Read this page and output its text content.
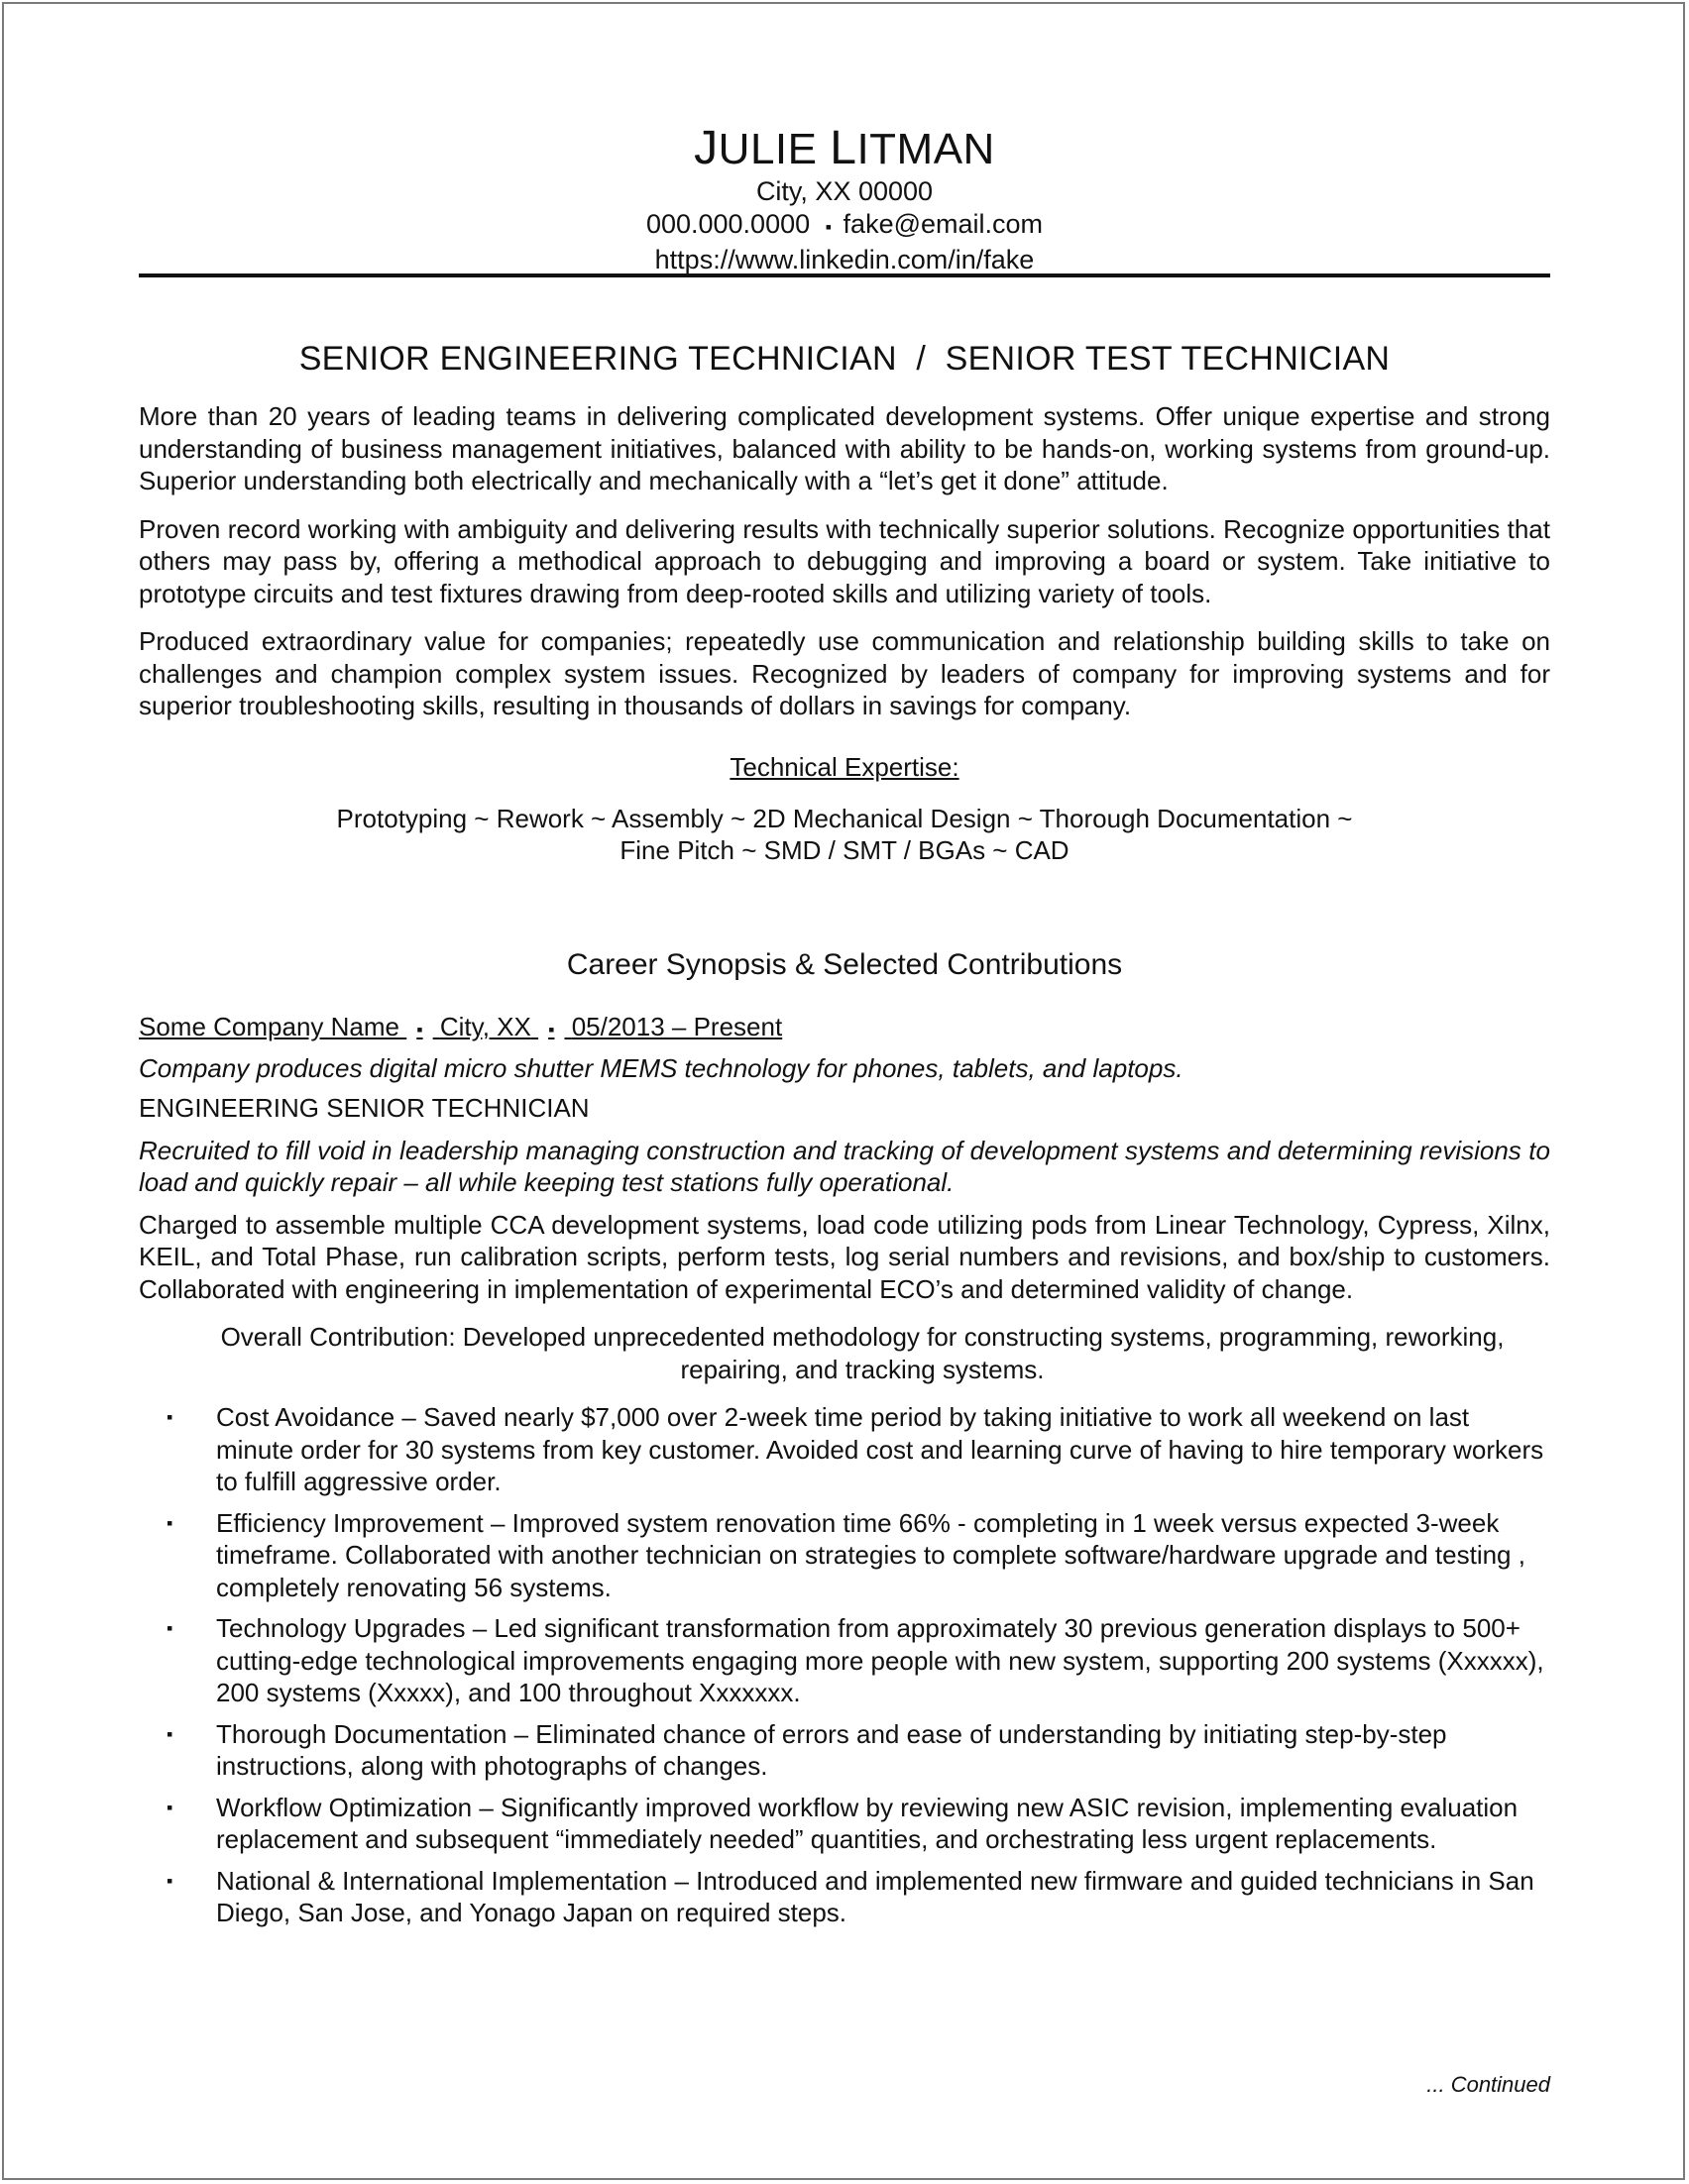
JULIE LITMAN
City, XX 00000
000.000.0000 ▪ fake@email.com
https://www.linkedin.com/in/fake
SENIOR ENGINEERING TECHNICIAN  /  SENIOR TEST TECHNICIAN

More than 20 years of leading teams in delivering complicated development systems. Offer unique expertise and strong understanding of business management initiatives, balanced with ability to be hands-on, working systems from ground-up. Superior understanding both electrically and mechanically with a “let’s get it done” attitude.

Proven record working with ambiguity and delivering results with technically superior solutions. Recognize opportunities that others may pass by, offering a methodical approach to debugging and improving a board or system. Take initiative to prototype circuits and test fixtures drawing from deep-rooted skills and utilizing variety of tools.

Produced extraordinary value for companies; repeatedly use communication and relationship building skills to take on challenges and champion complex system issues. Recognized by leaders of company for improving systems and for superior troubleshooting skills, resulting in thousands of dollars in savings for company.

Technical Expertise:
Prototyping ~ Rework ~ Assembly ~ 2D Mechanical Design ~ Thorough Documentation ~
Fine Pitch ~ SMD / SMT / BGAs ~ CAD
Career Synopsis & Selected Contributions
Some Company Name ▪ City, XX ▪ 05/2013 – Present
Company produces digital micro shutter MEMS technology for phones, tablets, and laptops.
ENGINEERING SENIOR TECHNICIAN
Recruited to fill void in leadership managing construction and tracking of development systems and determining revisions to load and quickly repair – all while keeping test stations fully operational.
Charged to assemble multiple CCA development systems, load code utilizing pods from Linear Technology, Cypress, Xilnx, KEIL, and Total Phase, run calibration scripts, perform tests, log serial numbers and revisions, and box/ship to customers. Collaborated with engineering in implementation of experimental ECO’s and determined validity of change.
Overall Contribution: Developed unprecedented methodology for constructing systems, programming, reworking, repairing, and tracking systems.
▪ Cost Avoidance – Saved nearly $7,000 over 2-week time period by taking initiative to work all weekend on last minute order for 30 systems from key customer. Avoided cost and learning curve of having to hire temporary workers to fulfill aggressive order.
▪ Efficiency Improvement – Improved system renovation time 66% - completing in 1 week versus expected 3-week timeframe. Collaborated with another technician on strategies to complete software/hardware upgrade and testing , completely renovating 56 systems.
▪ Technology Upgrades – Led significant transformation from approximately 30 previous generation displays to 500+ cutting-edge technological improvements engaging more people with new system, supporting 200 systems (Xxxxxx), 200 systems (Xxxxx), and 100 throughout Xxxxxxx.
▪ Thorough Documentation – Eliminated chance of errors and ease of understanding by initiating step-by-step instructions, along with photographs of changes.
▪ Workflow Optimization – Significantly improved workflow by reviewing new ASIC revision, implementing evaluation replacement and subsequent “immediately needed” quantities, and orchestrating less urgent replacements.
▪ National & International Implementation – Introduced and implemented new firmware and guided technicians in San Diego, San Jose, and Yonago Japan on required steps.
... Continued
